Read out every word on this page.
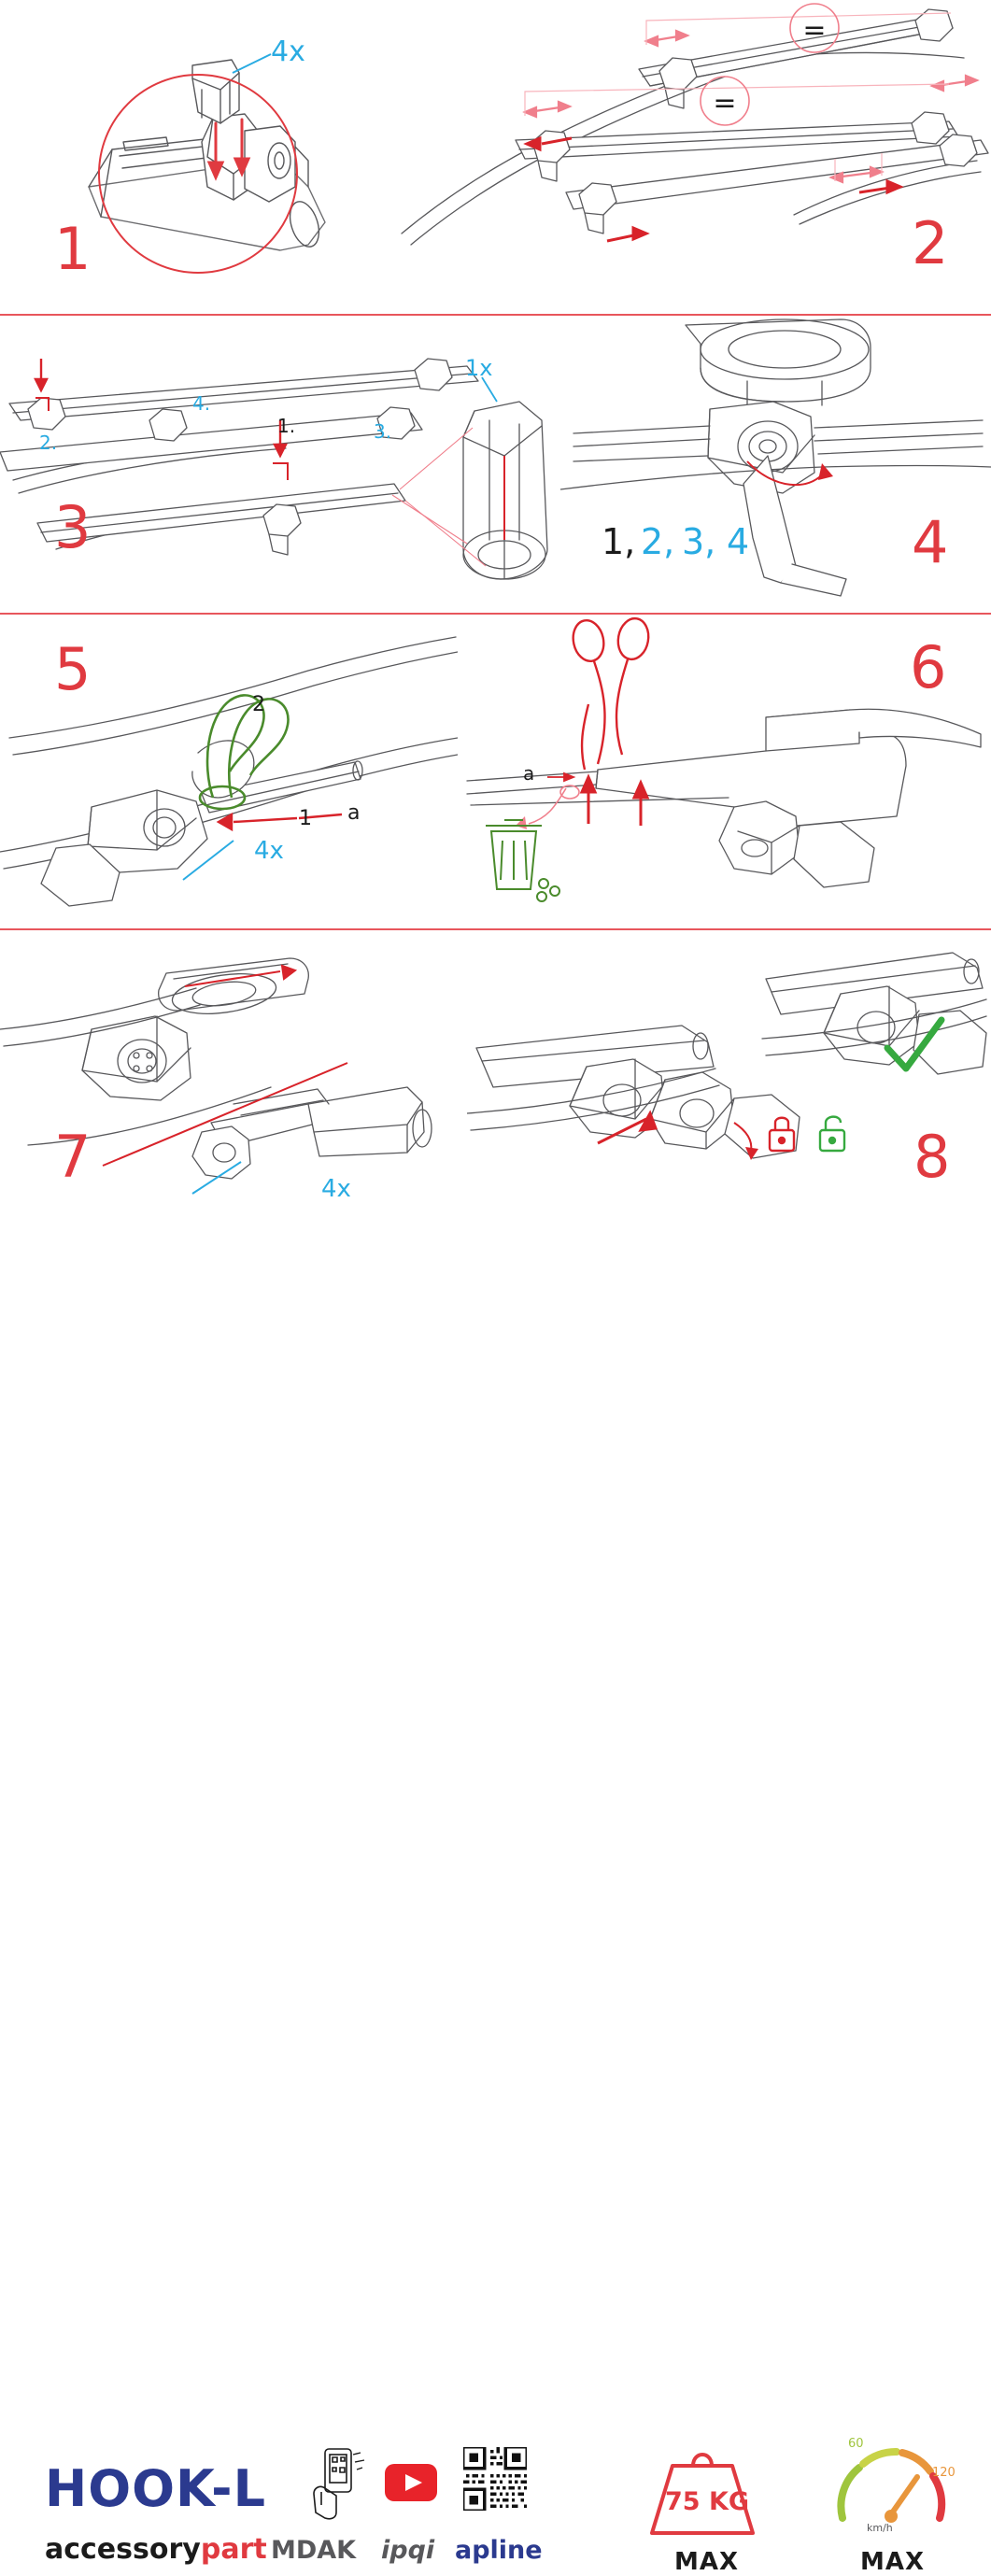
4x
1
=
=
2
1x
1.
2.	3.
4.
3	1, 2, 3, 4	4
1
2
a
4x
5
a
6
4x
7	8
HOOK-L
accessorypart MDAK ipqi apline
75 KG
MAX
60
120
km/h
MAX
